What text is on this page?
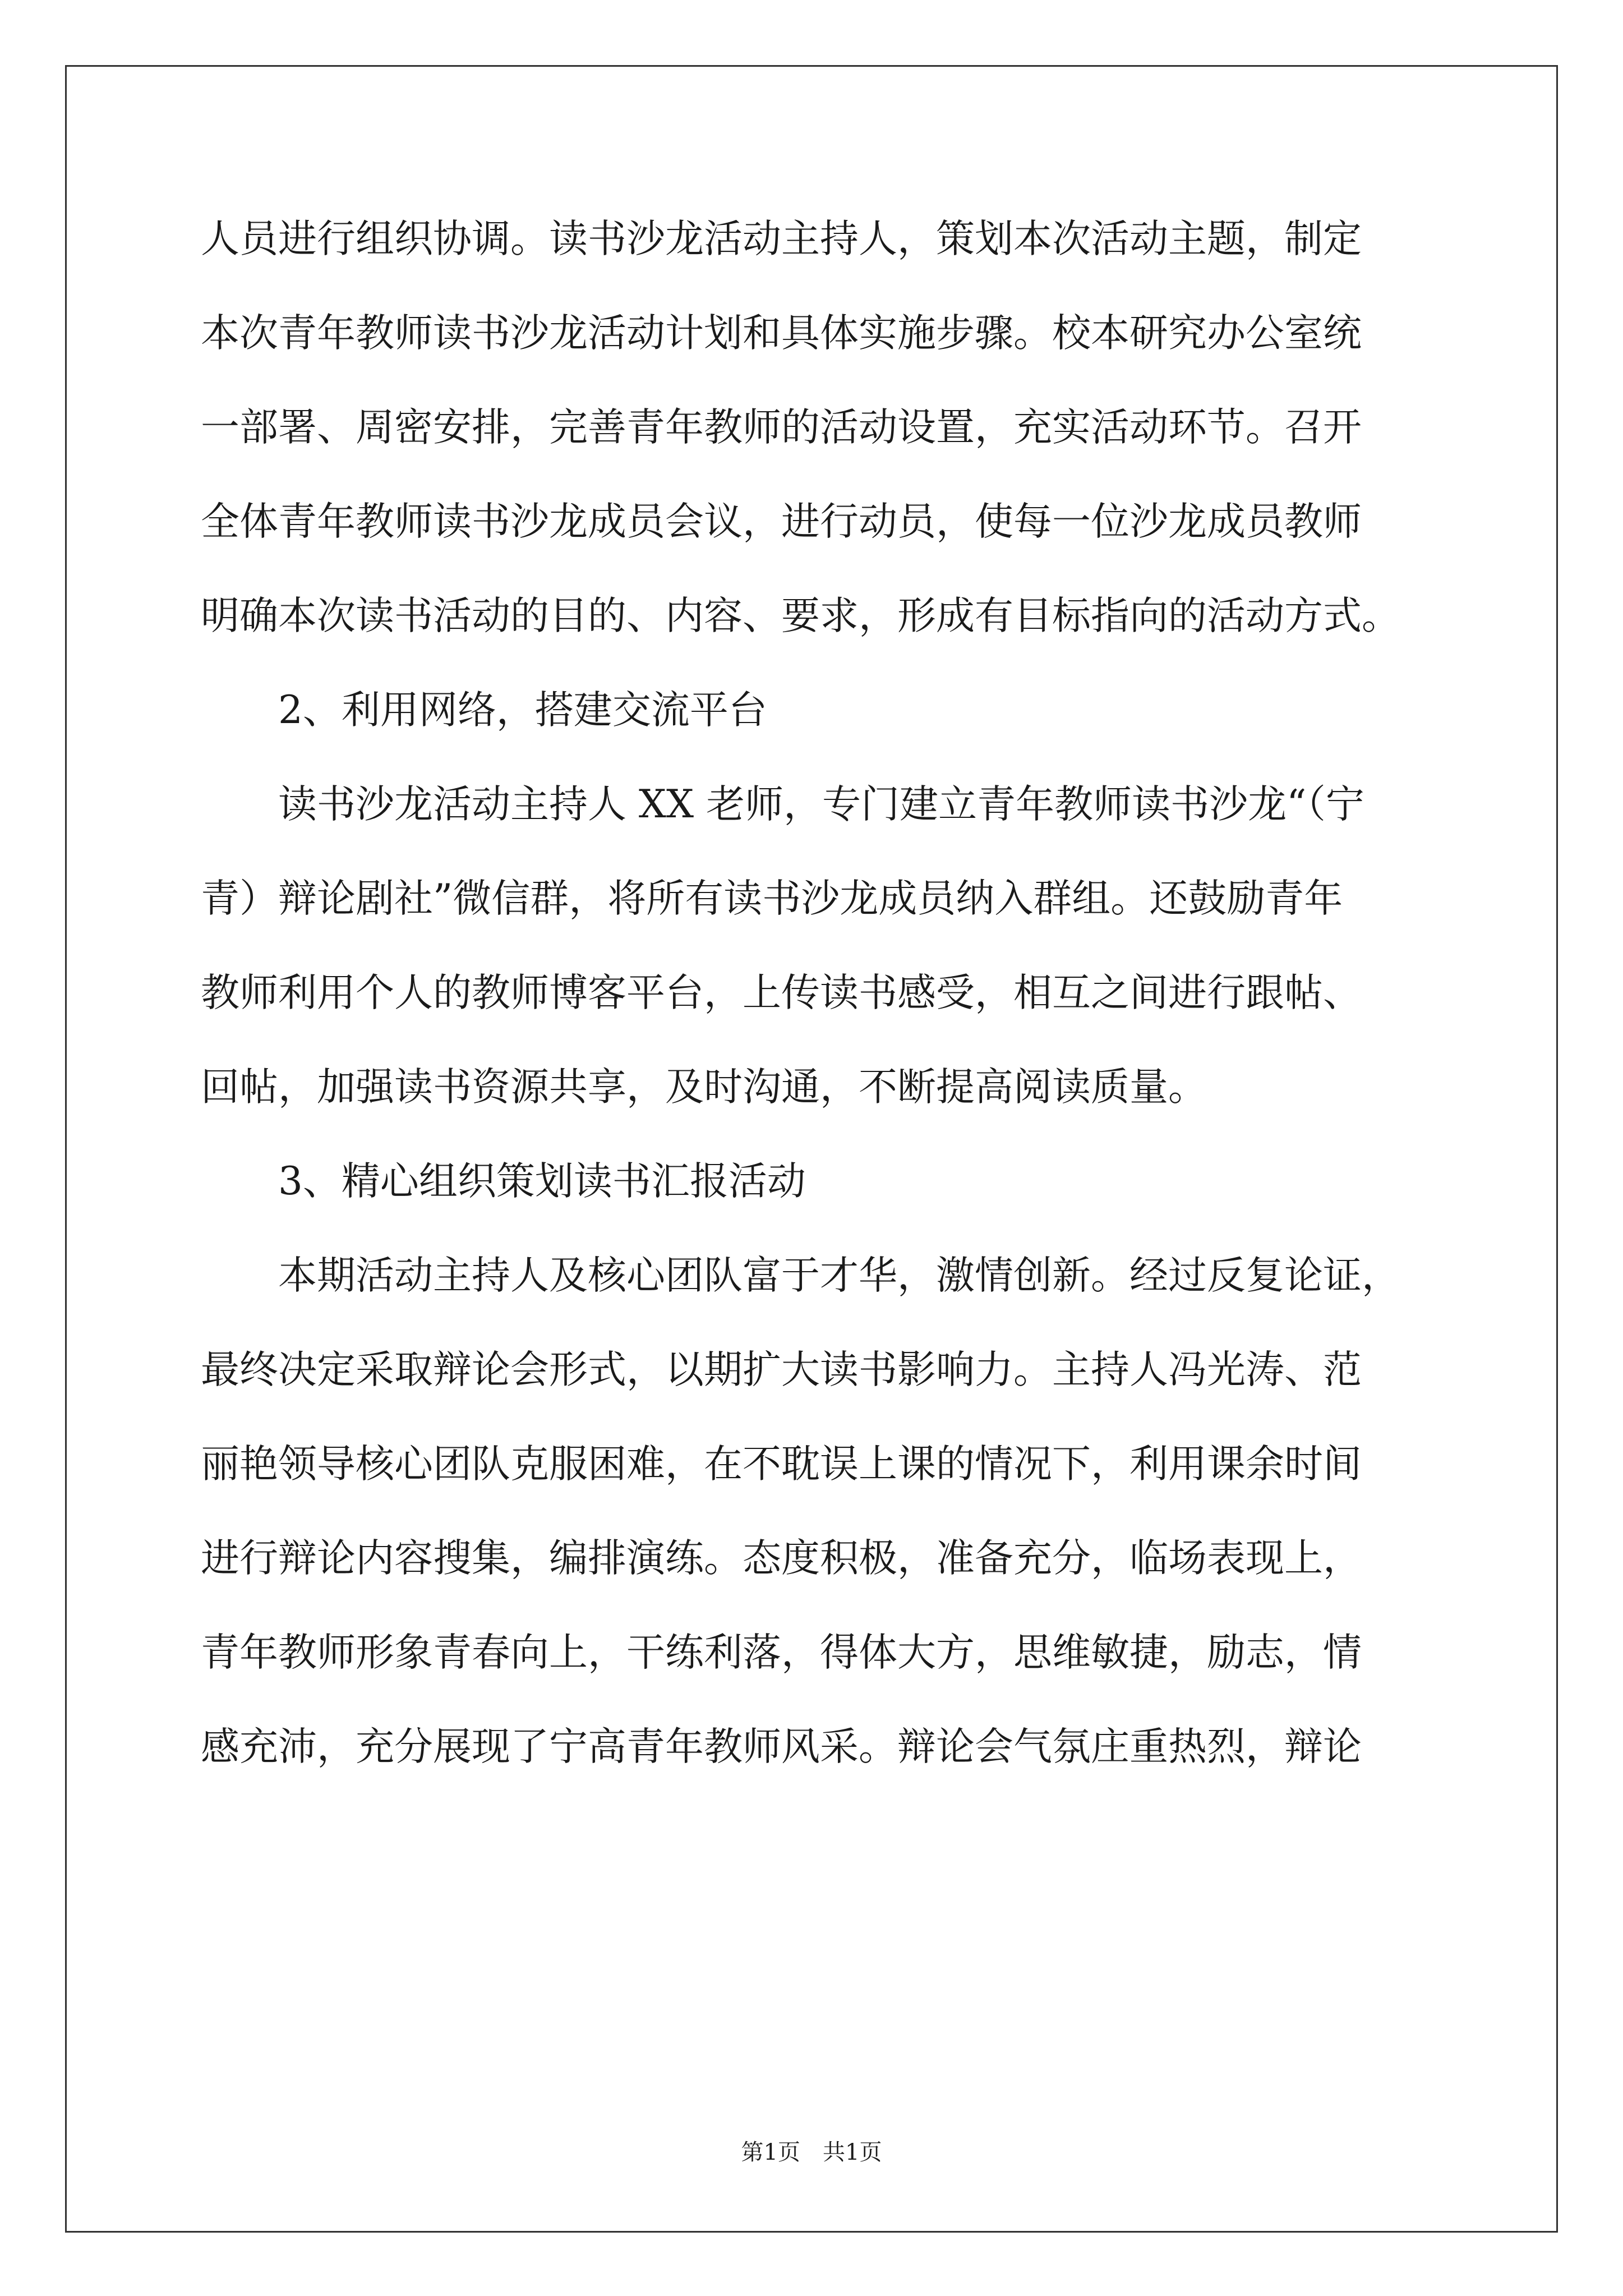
人员进行组织协调。读书沙龙活动主持人，策划本次活动主题，制定
本次青年教师读书沙龙活动计划和具体实施步骤。校本研究办公室统
一部署、周密安排，完善青年教师的活动设置，充实活动环节。召开
全体青年教师读书沙龙成员会议，进行动员，使每一位沙龙成员教师
明确本次读书活动的目的、内容、要求，形成有目标指向的活动方式。
　　2、利用网络，搭建交流平台
　　读书沙龙活动主持人 XX 老师，专门建立青年教师读书沙龙“（宁
青）辩论剧社”微信群，将所有读书沙龙成员纳入群组。还鼓励青年
教师利用个人的教师博客平台，上传读书感受，相互之间进行跟帖、
回帖，加强读书资源共享，及时沟通，不断提高阅读质量。
　　3、精心组织策划读书汇报活动
　　本期活动主持人及核心团队富于才华，激情创新。经过反复论证，
最终决定采取辩论会形式，以期扩大读书影响力。主持人冯光涛、范
丽艳领导核心团队克服困难，在不耽误上课的情况下，利用课余时间
进行辩论内容搜集，编排演练。态度积极，准备充分，临场表现上，
青年教师形象青春向上，干练利落，得体大方，思维敏捷，励志，情
感充沛，充分展现了宁高青年教师风采。辩论会气氛庄重热烈，辩论
第1页　共1页
